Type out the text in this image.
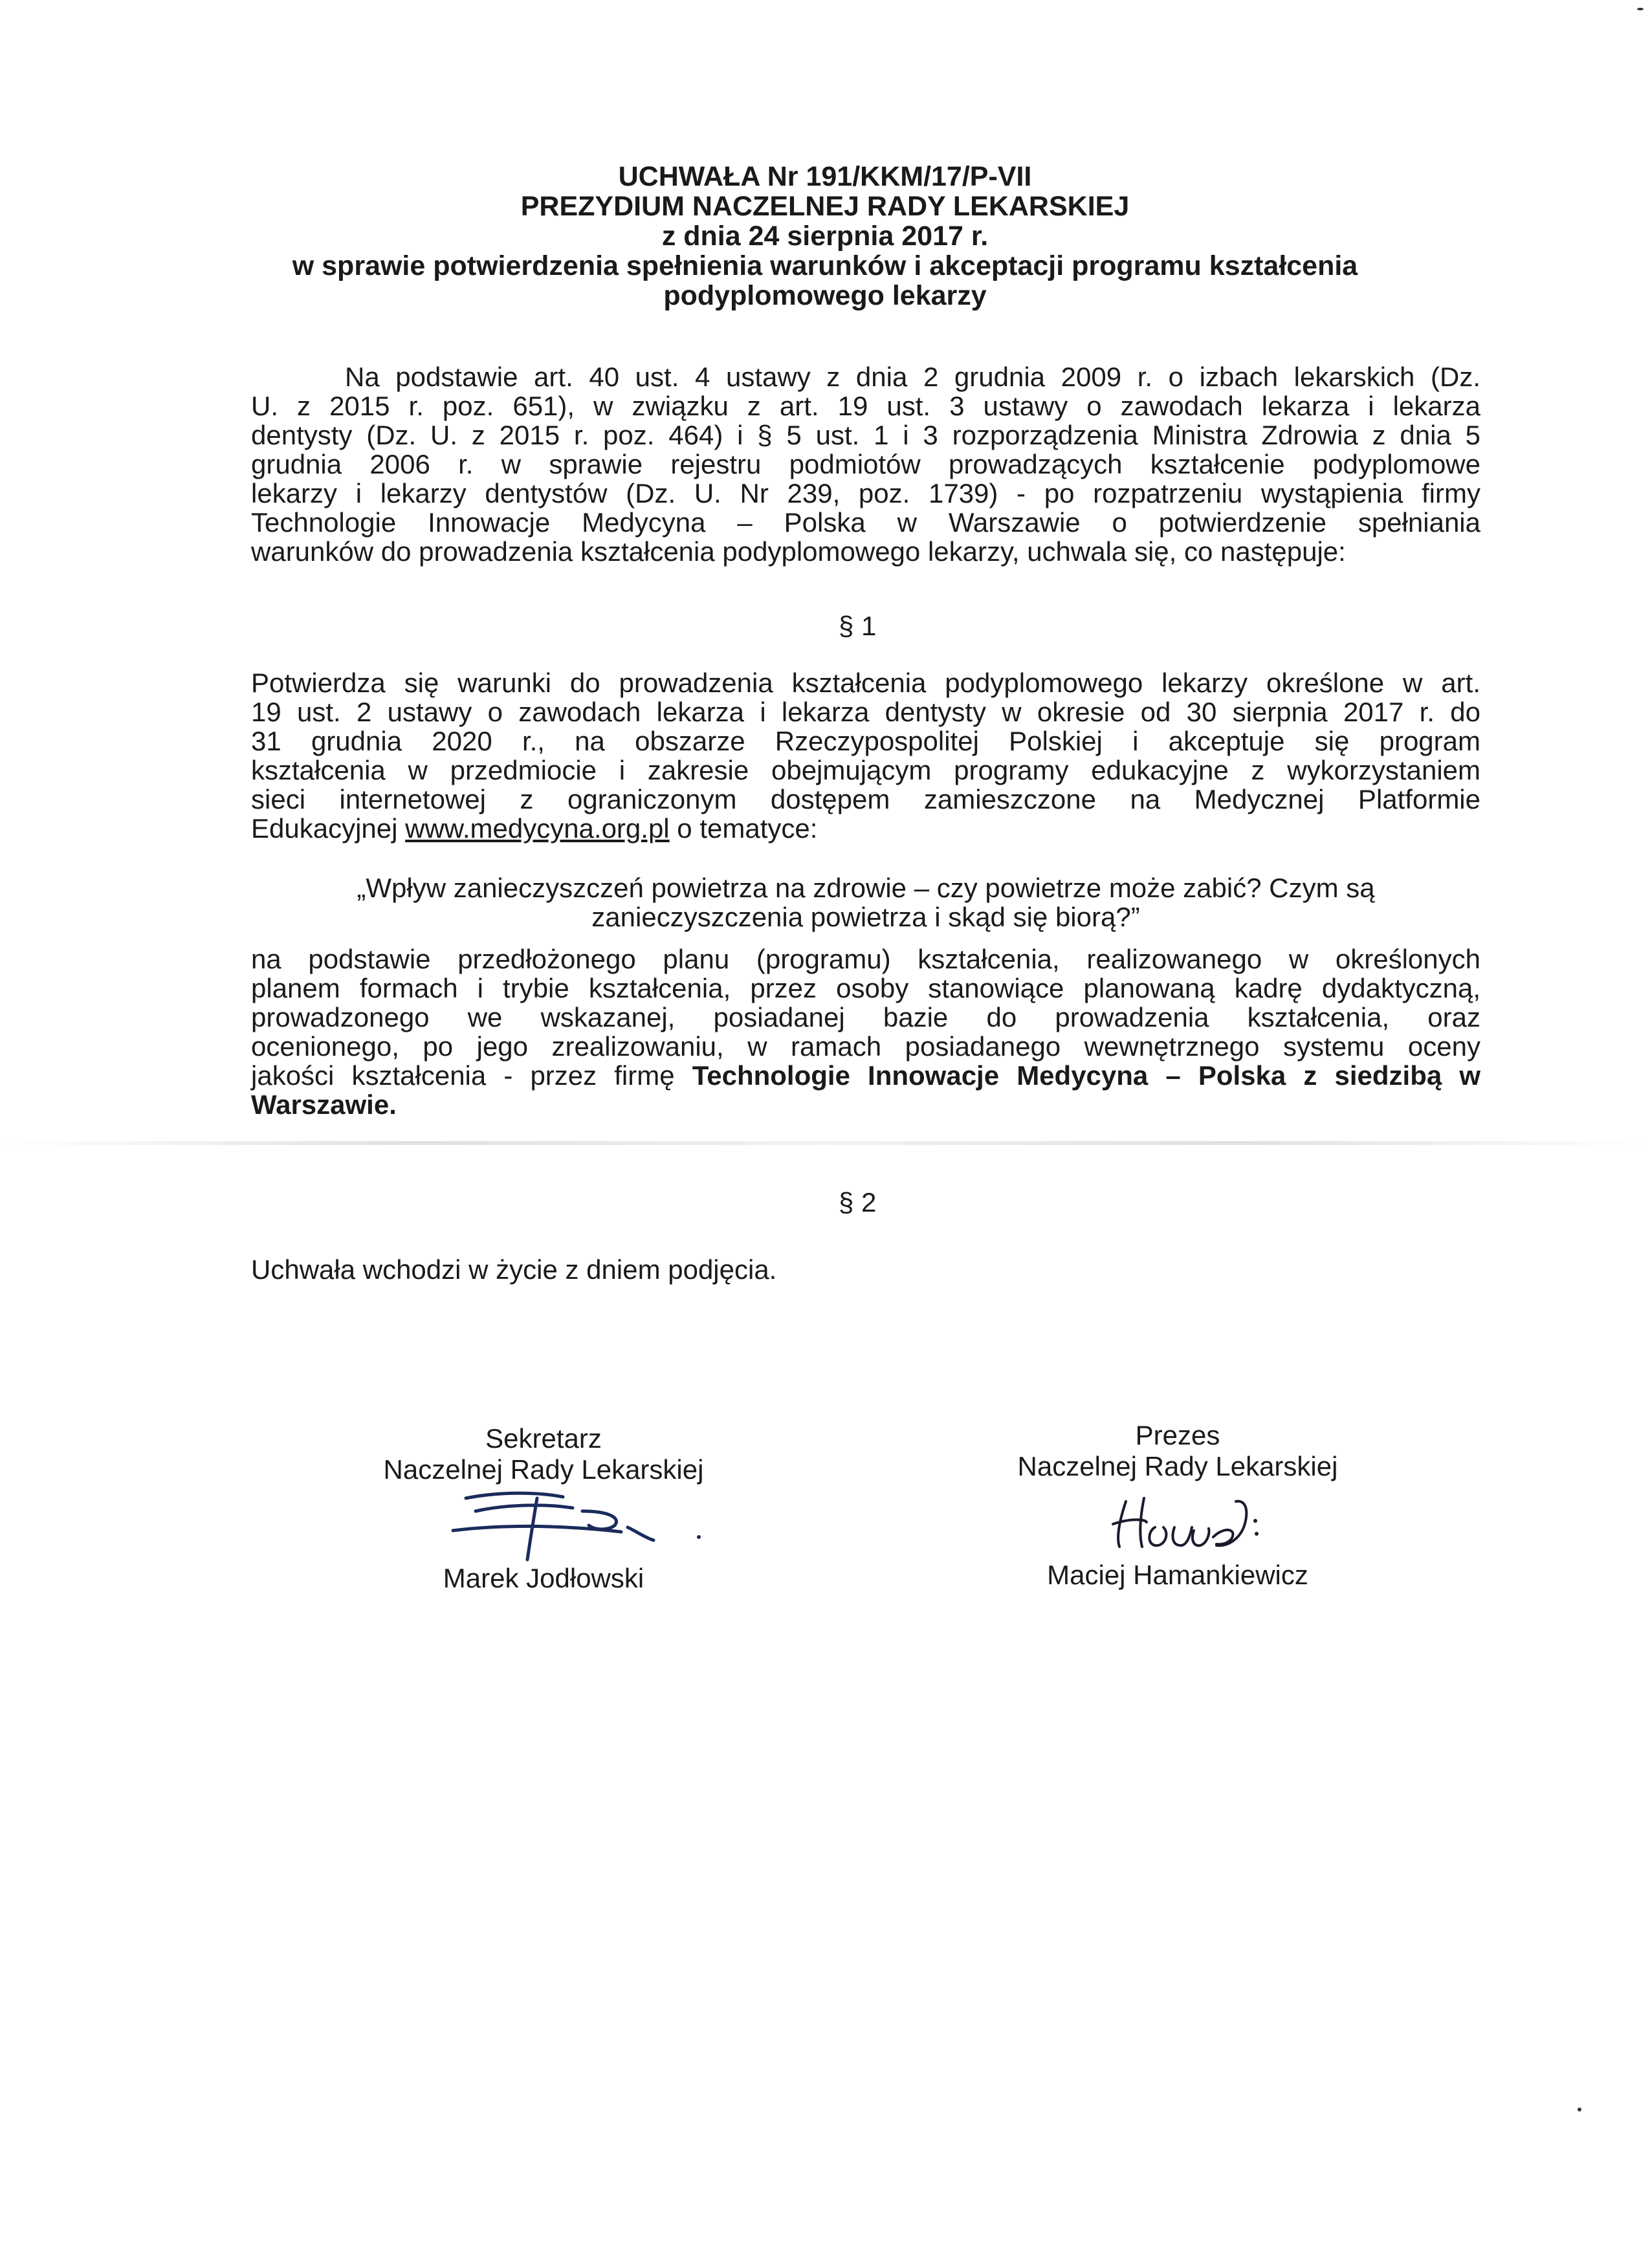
UCHWAŁA Nr 191/KKM/17/P-VII
PREZYDIUM NACZELNEJ RADY LEKARSKIEJ
z dnia 24 sierpnia 2017 r.
w sprawie potwierdzenia spełnienia warunków i akceptacji programu kształcenia
podyplomowego lekarzy
Na podstawie art. 40 ust. 4 ustawy z dnia 2 grudnia 2009 r. o izbach lekarskich (Dz.
U. z 2015 r. poz. 651), w związku z art. 19 ust. 3 ustawy o zawodach lekarza i lekarza
dentysty (Dz. U. z 2015 r. poz. 464) i § 5 ust. 1 i 3 rozporządzenia Ministra Zdrowia z dnia 5
grudnia 2006 r. w sprawie rejestru podmiotów prowadzących kształcenie podyplomowe
lekarzy i lekarzy dentystów (Dz. U. Nr 239, poz. 1739) - po rozpatrzeniu wystąpienia firmy
Technologie Innowacje Medycyna – Polska w Warszawie o potwierdzenie spełniania
warunków do prowadzenia kształcenia podyplomowego lekarzy, uchwala się, co następuje:
§ 1
Potwierdza się warunki do prowadzenia kształcenia podyplomowego lekarzy określone w art.
19 ust. 2 ustawy o zawodach lekarza i lekarza dentysty w okresie od 30 sierpnia 2017 r. do
31 grudnia 2020 r., na obszarze Rzeczypospolitej Polskiej i akceptuje się program
kształcenia w przedmiocie i zakresie obejmującym programy edukacyjne z wykorzystaniem
sieci internetowej z ograniczonym dostępem zamieszczone na Medycznej Platformie
Edukacyjnej www.medycyna.org.pl o tematyce:
„Wpływ zanieczyszczeń powietrza na zdrowie – czy powietrze może zabić? Czym są
zanieczyszczenia powietrza i skąd się biorą?”
na podstawie przedłożonego planu (programu) kształcenia, realizowanego w określonych
planem formach i trybie kształcenia, przez osoby stanowiące planowaną kadrę dydaktyczną,
prowadzonego we wskazanej, posiadanej bazie do prowadzenia kształcenia, oraz
ocenionego, po jego zrealizowaniu, w ramach posiadanego wewnętrznego systemu oceny
jakości kształcenia - przez firmę Technologie Innowacje Medycyna – Polska z siedzibą w
Warszawie.
§ 2
Uchwała wchodzi w życie z dniem podjęcia.
Sekretarz
Naczelnej Rady Lekarskiej
Marek Jodłowski
Prezes
Naczelnej Rady Lekarskiej
Maciej Hamankiewicz
